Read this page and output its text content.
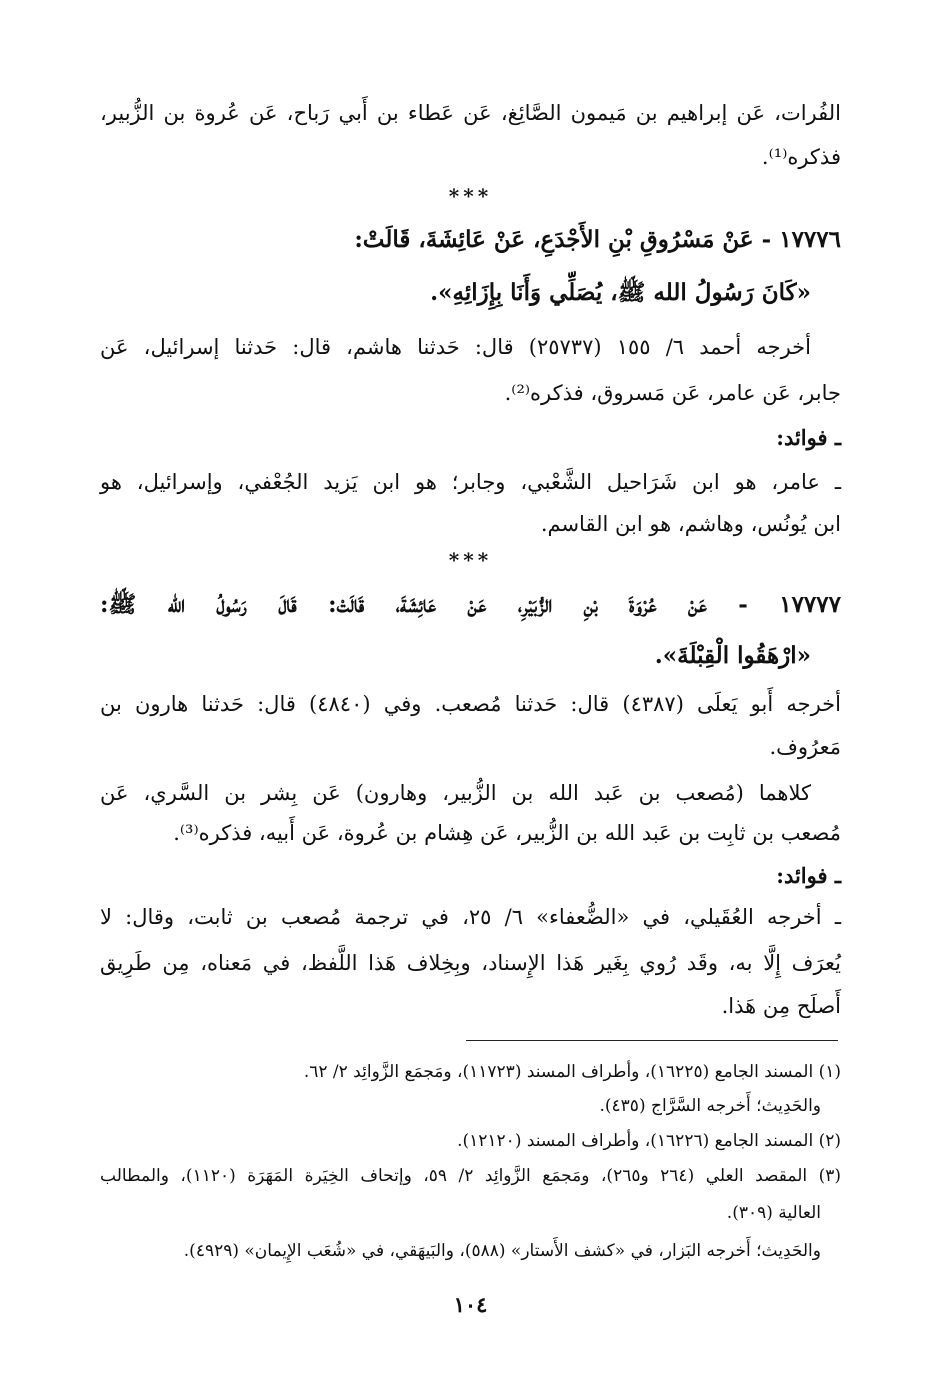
الفُرات، عَن إبراهيم بن مَيمون الصَّائِغ، عَن عَطاء بن أَبي رَباح، عَن عُروة بن الزُّبير،
فذكره⁽¹⁾.
***
١٧٧٧٦ - عَنْ مَسْرُوقِ بْنِ الأَجْدَعِ، عَنْ عَائِشَةَ، قَالَتْ:
«كَانَ رَسُولُ الله ﷺ، يُصَلِّي وَأَنَا بِإِزَائِهِ».
أخرجه أحمد ٦/ ١٥٥ (٢٥٧٣٧) قال: حَدثنا هاشم، قال: حَدثنا إسرائيل، عَن
جابر، عَن عامر، عَن مَسروق، فذكره⁽²⁾.
ـ فوائد:
ـ عامر، هو ابن شَرَاحيل الشَّعْبي، وجابر؛ هو ابن يَزيد الجُعْفي، وإسرائيل، هو
ابن يُونُس، وهاشم، هو ابن القاسم.
***
١٧٧٧٧ - عَنْ عُرْوَةَ بْنِ الزُّبَيْرِ، عَنْ عَائِشَةَ، قَالَتْ: قَالَ رَسُولُ الله ﷺ:
«ارْهَقُوا الْقِبْلَةَ».
أخرجه أَبو يَعلَى (٤٣٨٧) قال: حَدثنا مُصعب. وفي (٤٨٤٠) قال: حَدثنا هارون بن
مَعرُوف.
كلاهما (مُصعب بن عَبد الله بن الزُّبير، وهارون) عَن بِشر بن السَّري، عَن
مُصعب بن ثابِت بن عَبد الله بن الزُّبير، عَن هِشام بن عُروة، عَن أَبيه، فذكره⁽³⁾.
ـ فوائد:
ـ أخرجه العُقَيلي، في «الضُّعفاء» ٦/ ٢٥، في ترجمة مُصعب بن ثابت، وقال: لا
يُعرَف إِلَّا به، وقَد رُوي بِغَير هَذا الإِسناد، وبِخِلاف هَذا اللَّفظ، في مَعناه، مِن طَرِيق
أَصلَح مِن هَذا.
(١) المسند الجامع (١٦٢٢٥)، وأطراف المسند (١١٧٢٣)، ومَجمَع الزَّوائِد ٢/ ٦٢.
والحَدِيث؛ أَخرجه السَّرَّاج (٤٣٥).
(٢) المسند الجامع (١٦٢٢٦)، وأطراف المسند (١٢١٢٠).
(٣) المقصد العلي (٢٦٤ و٢٦٥)، ومَجمَع الزَّوائِد ٢/ ٥٩، وإتحاف الخِيَرة المَهَرَة (١١٢٠)، والمطالب
العالية (٣٠٩).
والحَدِيث؛ أَخرجه البَزار، في «كشف الأَستار» (٥٨٨)، والبَيهَقي، في «شُعَب الإِيمان» (٤٩٢٩).
١٠٤
